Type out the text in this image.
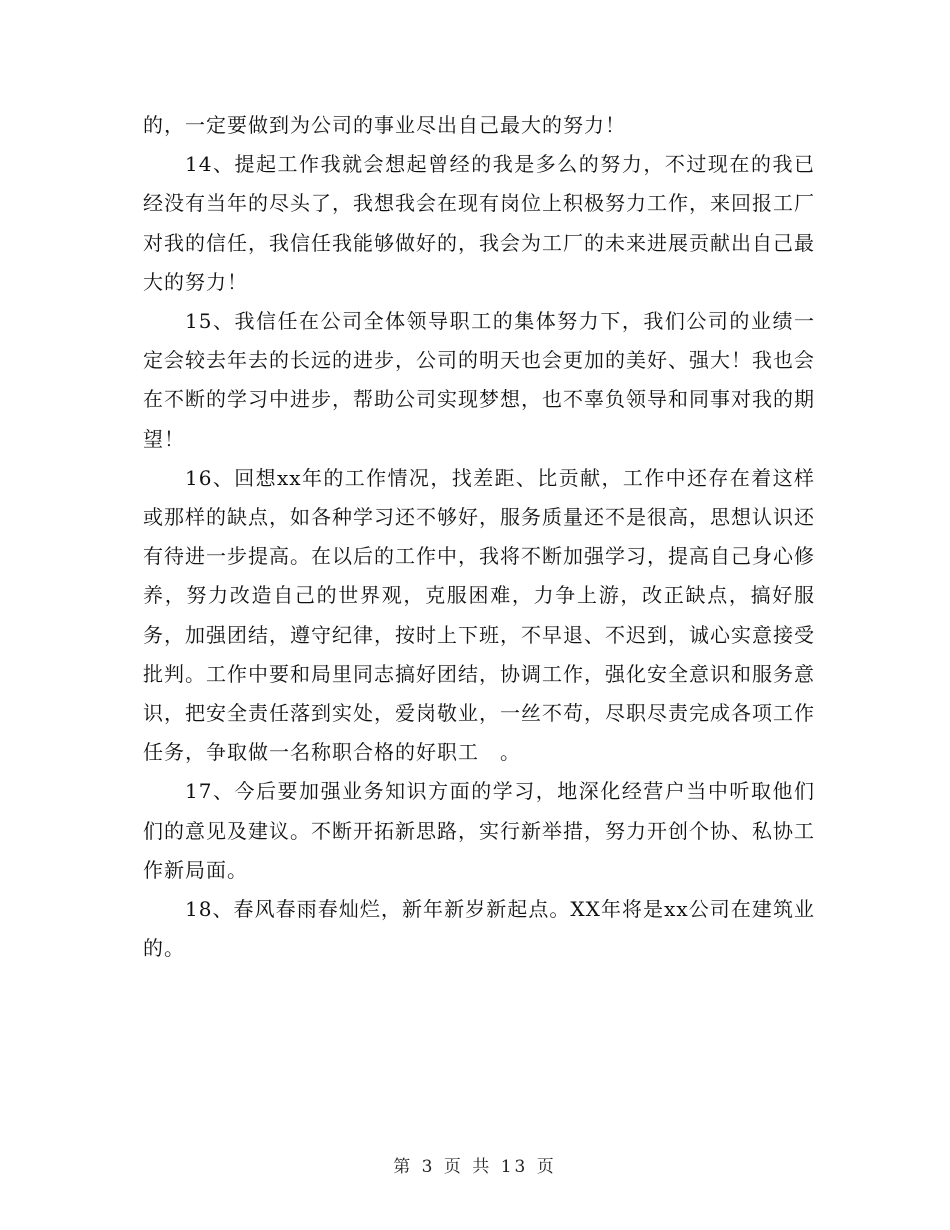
的，一定要做到为公司的事业尽出自己最大的努力！

14、提起工作我就会想起曾经的我是多么的努力，不过现在的我已经没有当年的尽头了，我想我会在现有岗位上积极努力工作，来回报工厂对我的信任，我信任我能够做好的，我会为工厂的未来进展贡献出自己最大的努力！

15、我信任在公司全体领导职工的集体努力下，我们公司的业绩一定会较去年去的长远的进步，公司的明天也会更加的美好、强大！我也会在不断的学习中进步，帮助公司实现梦想，也不辜负领导和同事对我的期望！

16、回想xx年的工作情况，找差距、比贡献，工作中还存在着这样或那样的缺点，如各种学习还不够好，服务质量还不是很高，思想认识还有待进一步提高。在以后的工作中，我将不断加强学习，提高自己身心修养，努力改造自己的世界观，克服困难，力争上游，改正缺点，搞好服务，加强团结，遵守纪律，按时上下班，不早退、不迟到，诚心实意接受批判。工作中要和局里同志搞好团结，协调工作，强化安全意识和服务意识，把安全责任落到实处，爱岗敬业，一丝不苟，尽职尽责完成各项工作任务，争取做一名称职合格的好职工　。

17、今后要加强业务知识方面的学习，地深化经营户当中听取他们们的意见及建议。不断开拓新思路，实行新举措，努力开创个协、私协工作新局面。

18、春风春雨春灿烂，新年新岁新起点。XX年将是xx公司在建筑业的。

第 3 页 共 13 页
